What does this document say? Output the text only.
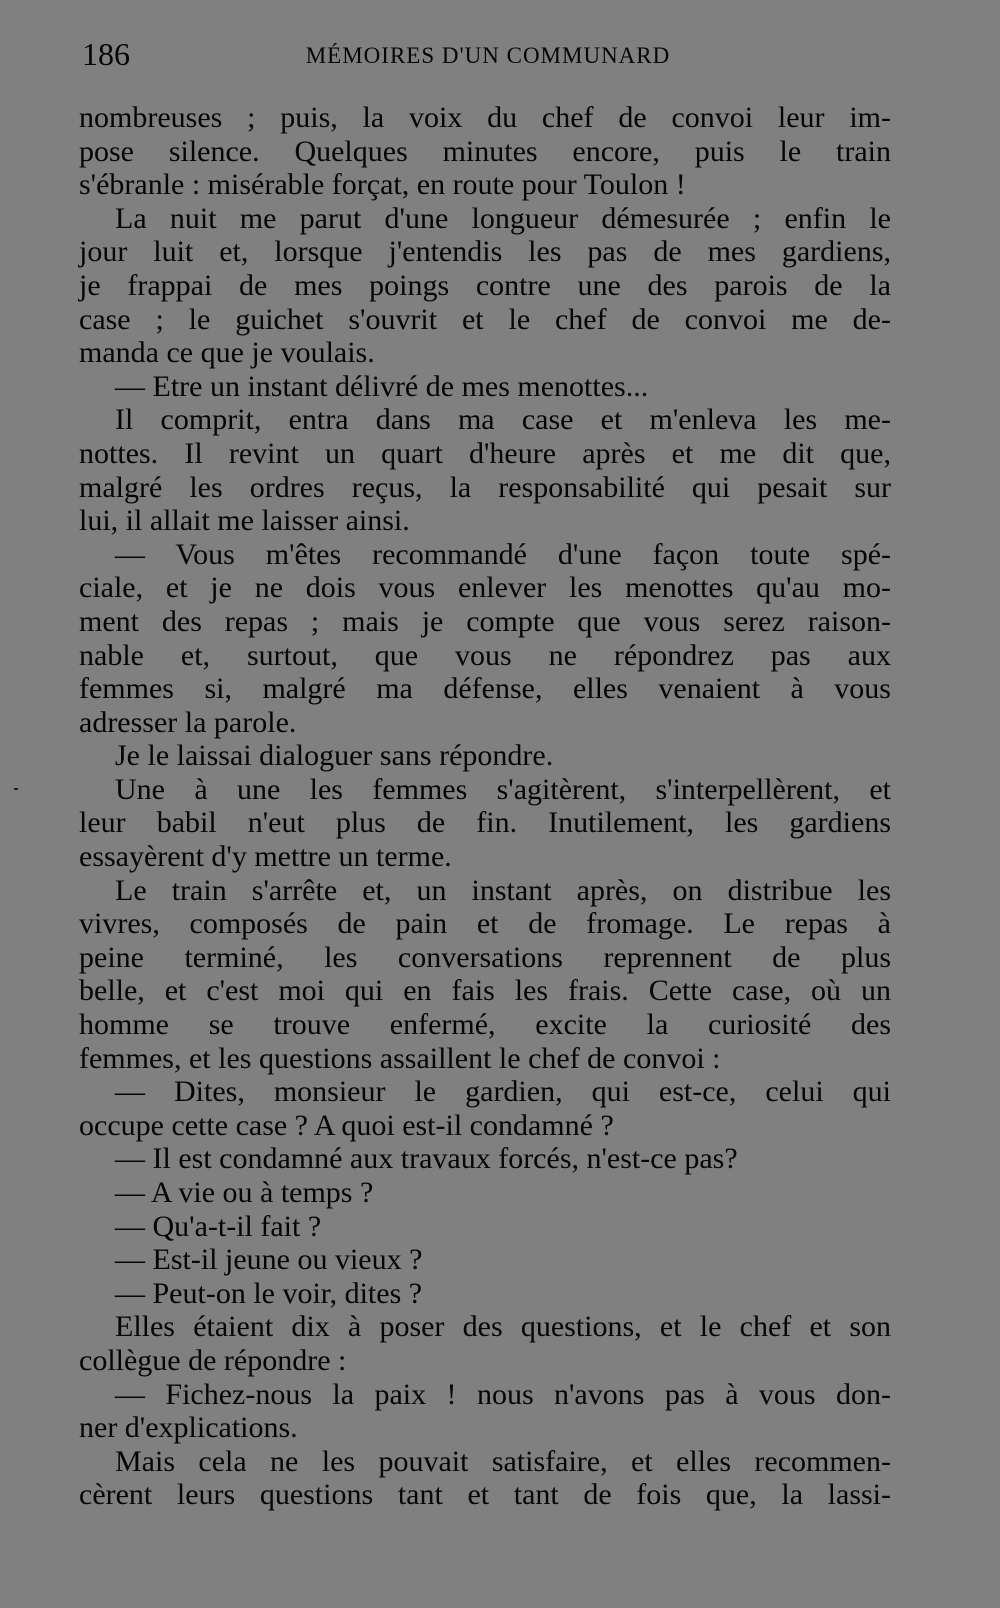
186	MÉMOIRES D'UN COMMUNARD
nombreuses ; puis, la voix du chef de convoi leur im-
pose silence. Quelques minutes encore, puis le train
s'ébranle : misérable forçat, en route pour Toulon !
La nuit me parut d'une longueur démesurée ; enfin le
jour luit et, lorsque j'entendis les pas de mes gardiens,
je frappai de mes poings contre une des parois de la
case ; le guichet s'ouvrit et le chef de convoi me de-
manda ce que je voulais.
— Etre un instant délivré de mes menottes...
Il comprit, entra dans ma case et m'enleva les me-
nottes. Il revint un quart d'heure après et me dit que,
malgré les ordres reçus, la responsabilité qui pesait sur
lui, il allait me laisser ainsi.
— Vous m'êtes recommandé d'une façon toute spé-
ciale, et je ne dois vous enlever les menottes qu'au mo-
ment des repas ; mais je compte que vous serez raison-
nable et, surtout, que vous ne répondrez pas aux
femmes si, malgré ma défense, elles venaient à vous
adresser la parole.
Je le laissai dialoguer sans répondre.
Une à une les femmes s'agitèrent, s'interpellèrent, et
leur babil n'eut plus de fin. Inutilement, les gardiens
essayèrent d'y mettre un terme.
Le train s'arrête et, un instant après, on distribue les
vivres, composés de pain et de fromage. Le repas à
peine terminé, les conversations reprennent de plus
belle, et c'est moi qui en fais les frais. Cette case, où un
homme se trouve enfermé, excite la curiosité des
femmes, et les questions assaillent le chef de convoi :
— Dites, monsieur le gardien, qui est-ce, celui qui
occupe cette case ? A quoi est-il condamné ?
— Il est condamné aux travaux forcés, n'est-ce pas?
— A vie ou à temps ?
— Qu'a-t-il fait ?
— Est-il jeune ou vieux ?
— Peut-on le voir, dites ?
Elles étaient dix à poser des questions, et le chef et son
collègue de répondre :
— Fichez-nous la paix ! nous n'avons pas à vous don-
ner d'explications.
Mais cela ne les pouvait satisfaire, et elles recommen-
cèrent leurs questions tant et tant de fois que, la lassi-
